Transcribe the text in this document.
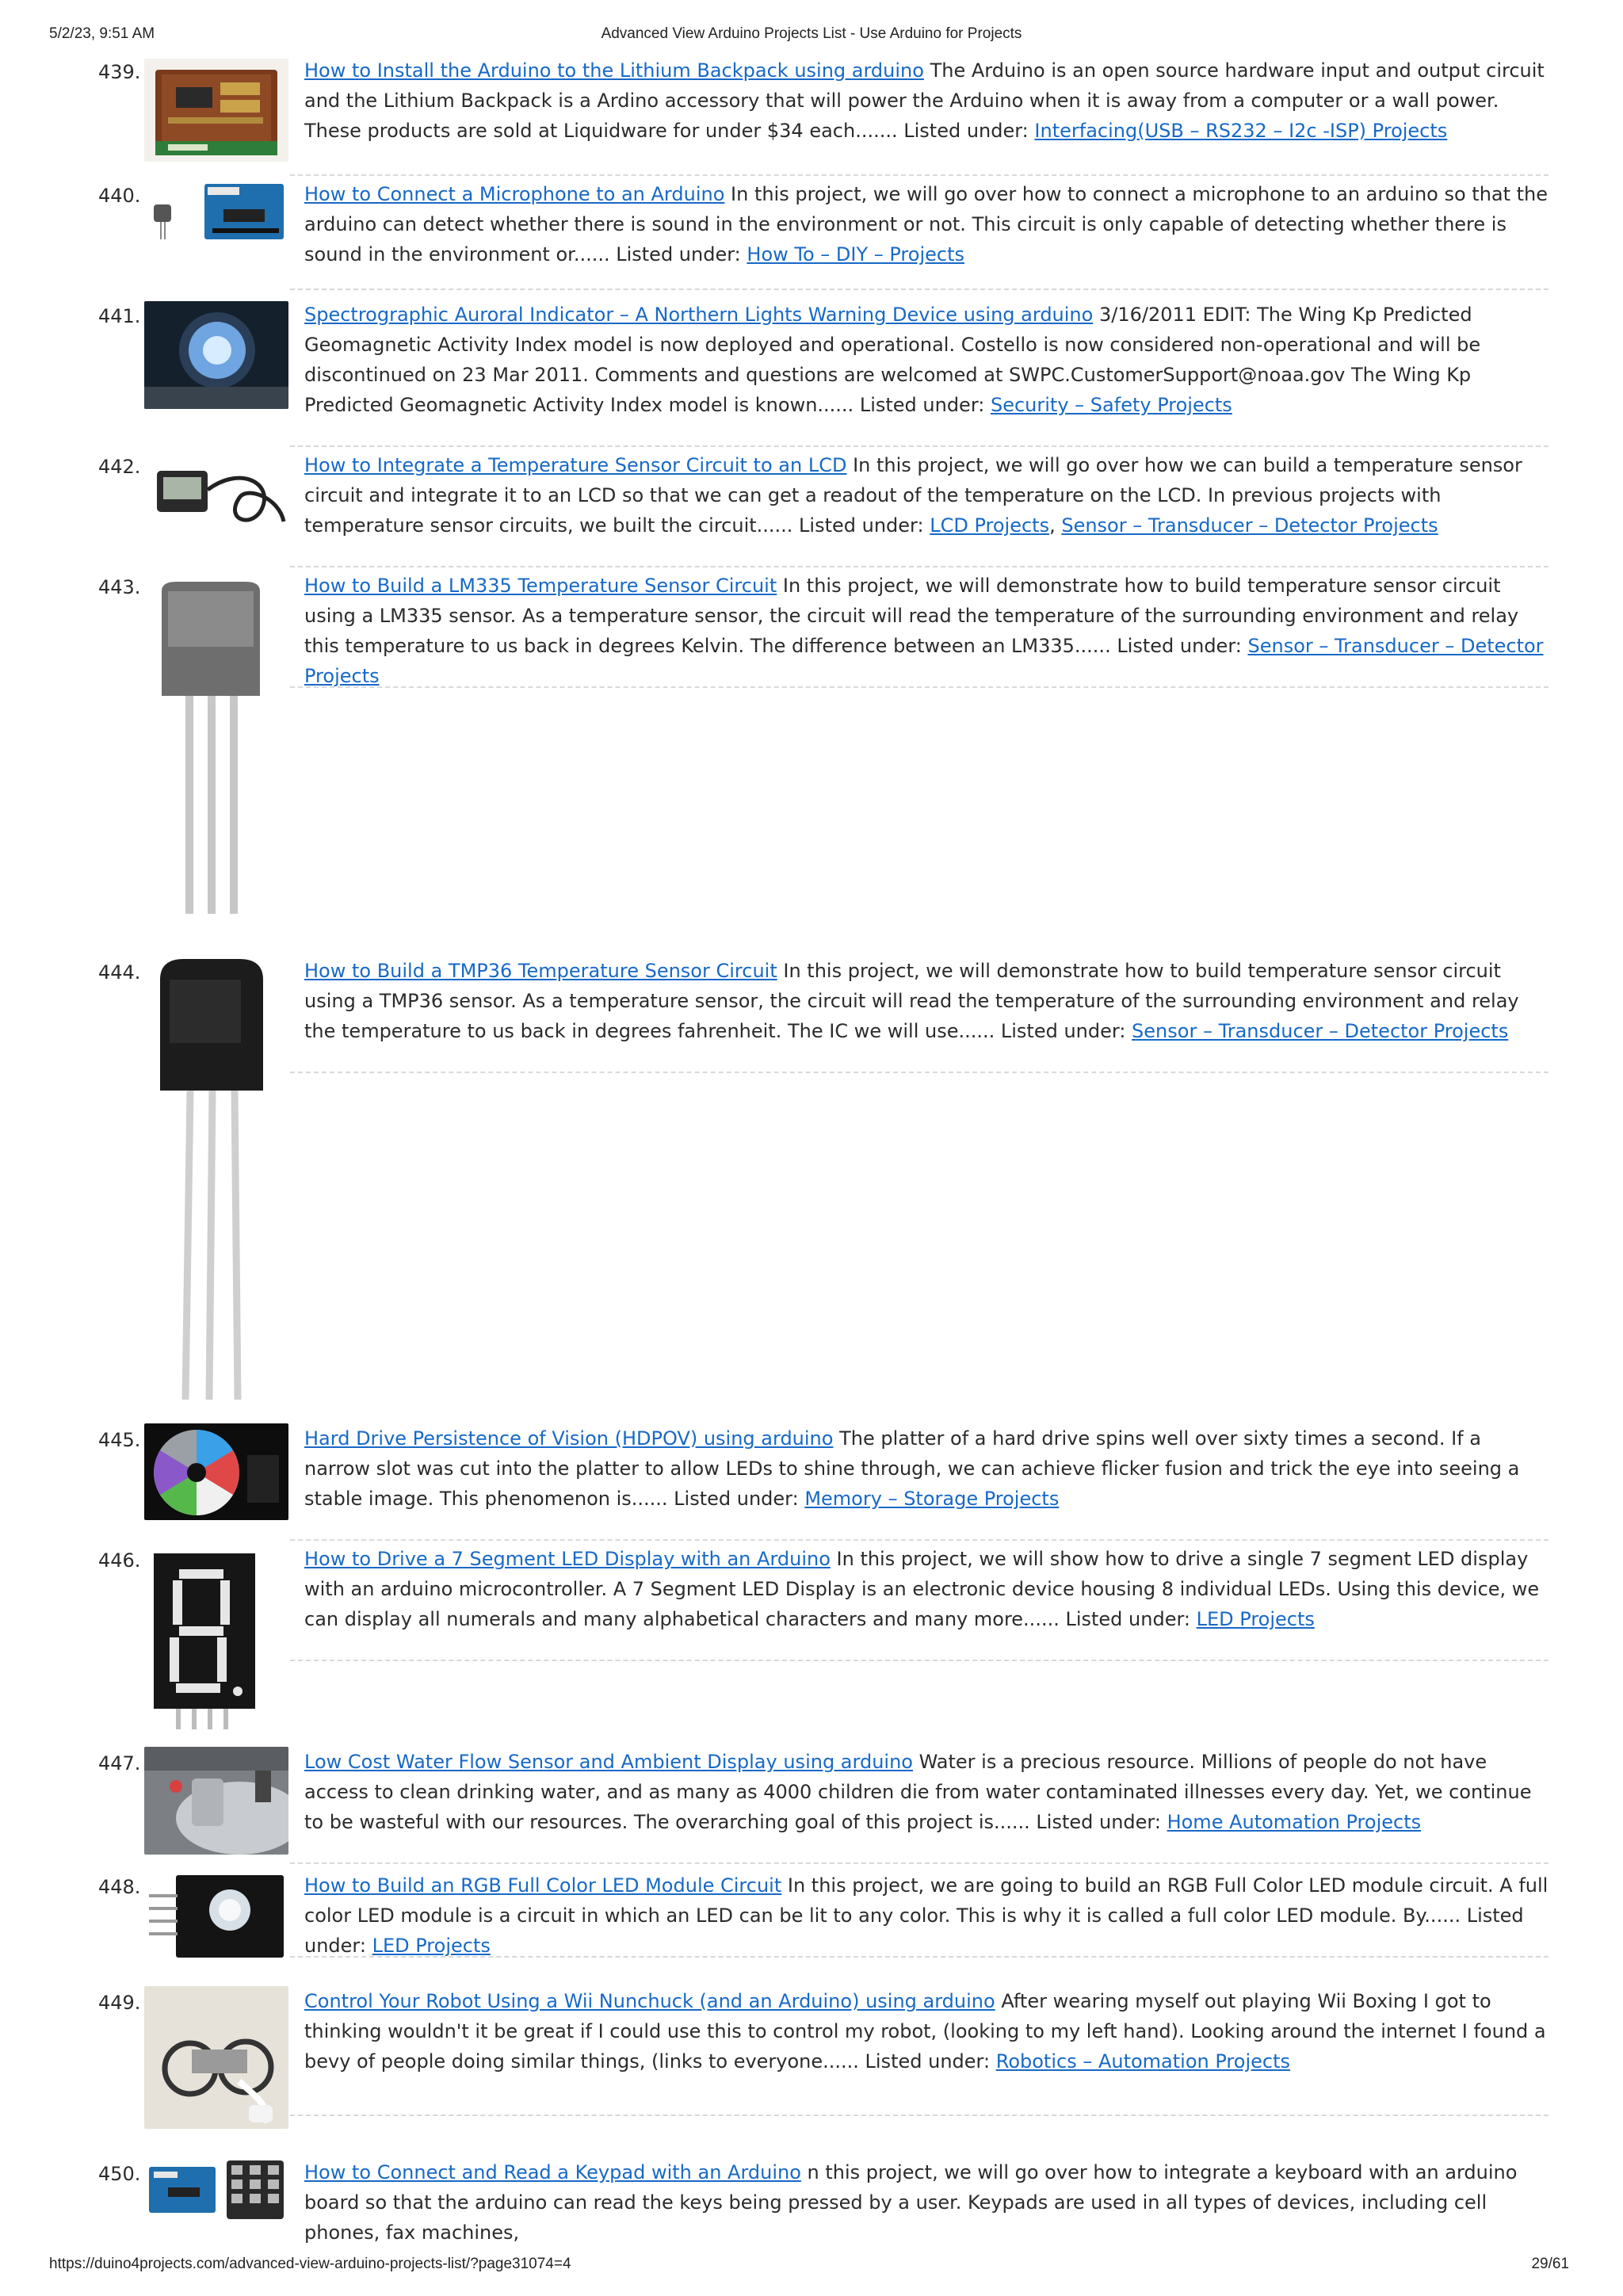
5/2/23, 9:51 AM	Advanced View Arduino Projects List - Use Arduino for Projects
439.	How to Install the Arduino to the Lithium Backpack using arduino The Arduino is an open source hardware input and output circuit and the Lithium Backpack is a Ardino accessory that will power the Arduino when it is away from a computer or a wall power. These products are sold at Liquidware for under $34 each....... Listed under: Interfacing(USB – RS232 – I2c -ISP) Projects
440.	How to Connect a Microphone to an Arduino In this project, we will go over how to connect a microphone to an arduino so that the arduino can detect whether there is sound in the environment or not. This circuit is only capable of detecting whether there is sound in the environment or...... Listed under: How To – DIY – Projects
441.	Spectrographic Auroral Indicator – A Northern Lights Warning Device using arduino 3/16/2011 EDIT: The Wing Kp Predicted Geomagnetic Activity Index model is now deployed and operational. Costello is now considered non-operational and will be discontinued on 23 Mar 2011. Comments and questions are welcomed at SWPC.CustomerSupport@noaa.gov The Wing Kp Predicted Geomagnetic Activity Index model is known...... Listed under: Security – Safety Projects
442.	How to Integrate a Temperature Sensor Circuit to an LCD In this project, we will go over how we can build a temperature sensor circuit and integrate it to an LCD so that we can get a readout of the temperature on the LCD. In previous projects with temperature sensor circuits, we built the circuit...... Listed under: LCD Projects, Sensor – Transducer – Detector Projects
443.	How to Build a LM335 Temperature Sensor Circuit In this project, we will demonstrate how to build temperature sensor circuit using a LM335 sensor. As a temperature sensor, the circuit will read the temperature of the surrounding environment and relay this temperature to us back in degrees Kelvin. The difference between an LM335...... Listed under: Sensor – Transducer – Detector Projects
444.	How to Build a TMP36 Temperature Sensor Circuit In this project, we will demonstrate how to build temperature sensor circuit using a TMP36 sensor. As a temperature sensor, the circuit will read the temperature of the surrounding environment and relay the temperature to us back in degrees fahrenheit. The IC we will use...... Listed under: Sensor – Transducer – Detector Projects
445.	Hard Drive Persistence of Vision (HDPOV) using arduino The platter of a hard drive spins well over sixty times a second. If a narrow slot was cut into the platter to allow LEDs to shine through, we can achieve flicker fusion and trick the eye into seeing a stable image. This phenomenon is...... Listed under: Memory – Storage Projects
446.	How to Drive a 7 Segment LED Display with an Arduino In this project, we will show how to drive a single 7 segment LED display with an arduino microcontroller. A 7 Segment LED Display is an electronic device housing 8 individual LEDs. Using this device, we can display all numerals and many alphabetical characters and many more...... Listed under: LED Projects
447.	Low Cost Water Flow Sensor and Ambient Display using arduino Water is a precious resource. Millions of people do not have access to clean drinking water, and as many as 4000 children die from water contaminated illnesses every day. Yet, we continue to be wasteful with our resources. The overarching goal of this project is...... Listed under: Home Automation Projects
448.	How to Build an RGB Full Color LED Module Circuit In this project, we are going to build an RGB Full Color LED module circuit. A full color LED module is a circuit in which an LED can be lit to any color. This is why it is called a full color LED module. By...... Listed under: LED Projects
449.	Control Your Robot Using a Wii Nunchuck (and an Arduino) using arduino After wearing myself out playing Wii Boxing I got to thinking wouldn't it be great if I could use this to control my robot, (looking to my left hand). Looking around the internet I found a bevy of people doing similar things, (links to everyone...... Listed under: Robotics – Automation Projects
450.	How to Connect and Read a Keypad with an Arduino n this project, we will go over how to integrate a keyboard with an arduino board so that the arduino can read the keys being pressed by a user. Keypads are used in all types of devices, including cell phones, fax machines,
https://duino4projects.com/advanced-view-arduino-projects-list/?page31074=4	29/61
